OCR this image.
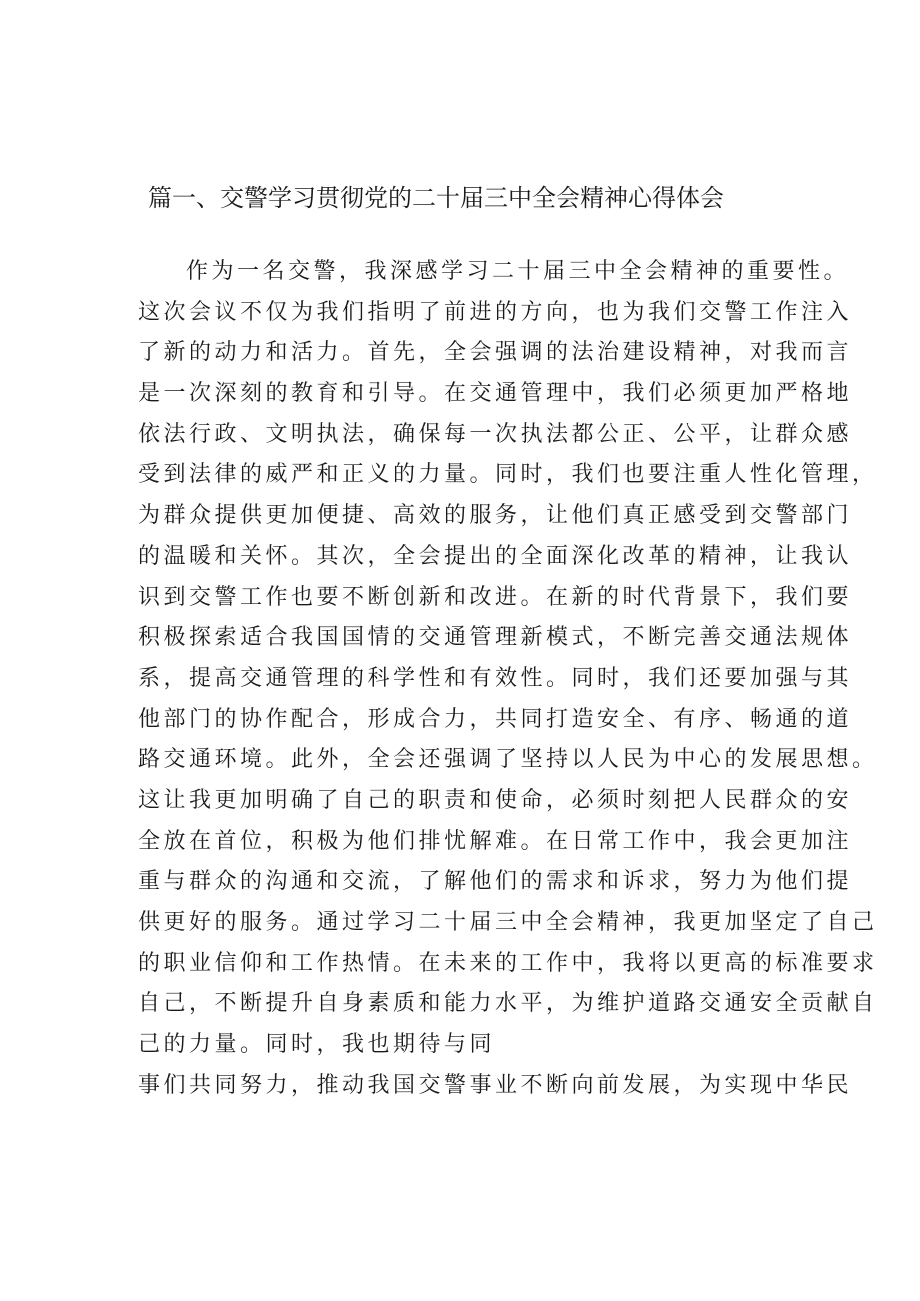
篇一、交警学习贯彻党的二十届三中全会精神心得体会
作为一名交警，我深感学习二十届三中全会精神的重要性。
这次会议不仅为我们指明了前进的方向，也为我们交警工作注入
了新的动力和活力。首先，全会强调的法治建设精神，对我而言
是一次深刻的教育和引导。在交通管理中，我们必须更加严格地
依法行政、文明执法，确保每一次执法都公正、公平，让群众感
受到法律的威严和正义的力量。同时，我们也要注重人性化管理，
为群众提供更加便捷、高效的服务，让他们真正感受到交警部门
的温暖和关怀。其次，全会提出的全面深化改革的精神，让我认
识到交警工作也要不断创新和改进。在新的时代背景下，我们要
积极探索适合我国国情的交通管理新模式，不断完善交通法规体
系，提高交通管理的科学性和有效性。同时，我们还要加强与其
他部门的协作配合，形成合力，共同打造安全、有序、畅通的道
路交通环境。此外，全会还强调了坚持以人民为中心的发展思想。
这让我更加明确了自己的职责和使命，必须时刻把人民群众的安
全放在首位，积极为他们排忧解难。在日常工作中，我会更加注
重与群众的沟通和交流，了解他们的需求和诉求，努力为他们提
供更好的服务。通过学习二十届三中全会精神，我更加坚定了自己
的职业信仰和工作热情。在未来的工作中，我将以更高的标准要求
自己，不断提升自身素质和能力水平，为维护道路交通安全贡献自
己的力量。同时，我也期待与同
事们共同努力，推动我国交警事业不断向前发展，为实现中华民
